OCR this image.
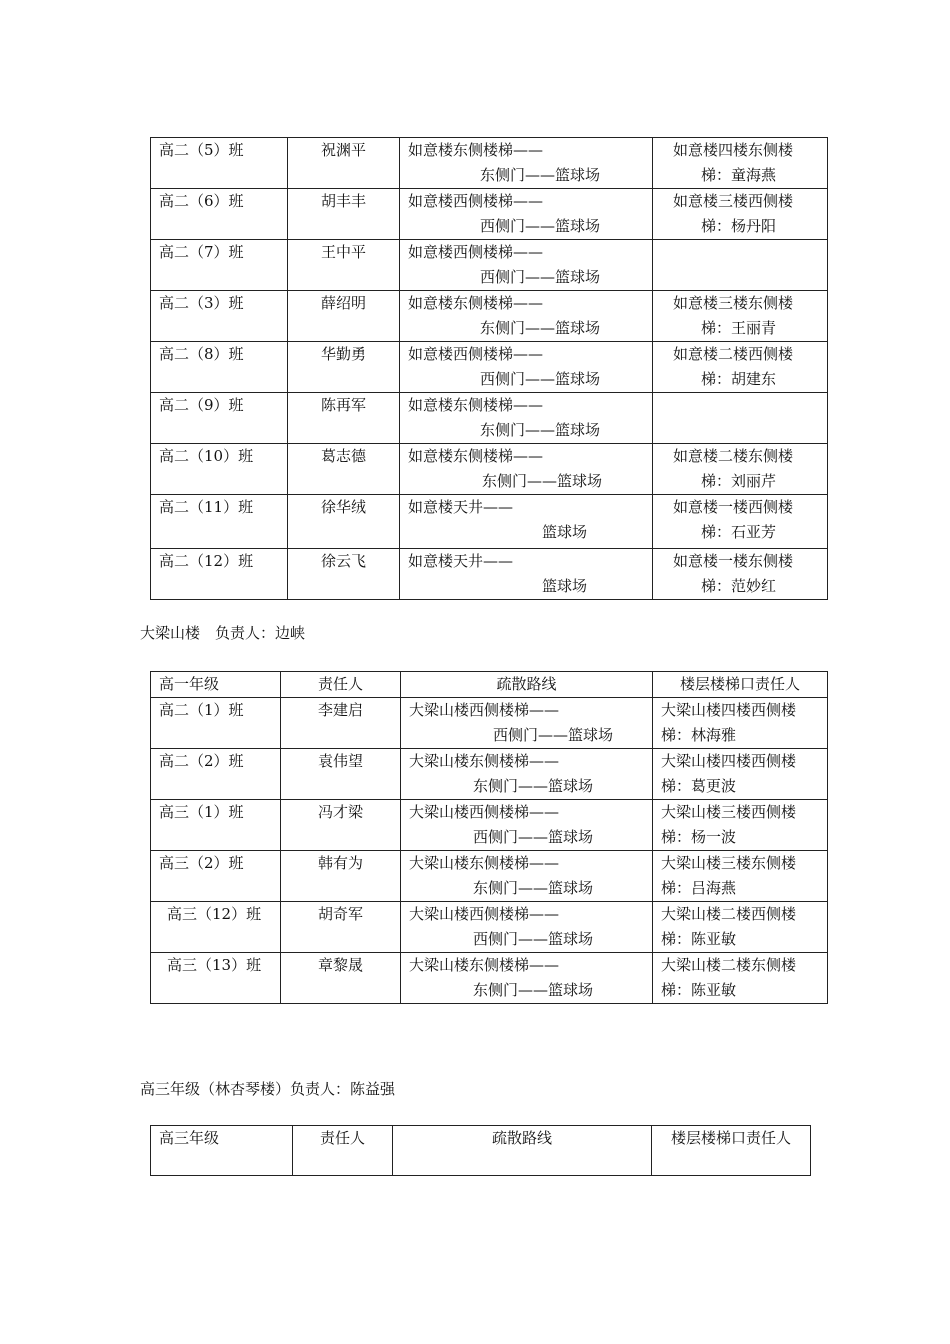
高二（5）班	祝渊平	如意楼东侧楼梯——
东侧门——篮球场	如意楼四楼东侧楼
梯：童海燕

高二（6）班	胡丰丰	如意楼西侧楼梯——
西侧门——篮球场	如意楼三楼西侧楼
梯：杨丹阳

高二（7）班	王中平	如意楼西侧楼梯——
西侧门——篮球场	

高二（3）班	薛绍明	如意楼东侧楼梯——
东侧门——篮球场	如意楼三楼东侧楼
梯：王丽青

高二（8）班	华勤勇	如意楼西侧楼梯——
西侧门——篮球场	如意楼二楼西侧楼
梯：胡建东

高二（9）班	陈再军	如意楼东侧楼梯——
东侧门——篮球场	

高二（10）班	葛志德	如意楼东侧楼梯——
东侧门——篮球场	如意楼二楼东侧楼
梯：刘丽芹

高二（11）班	徐华绒	如意楼天井——
篮球场	如意楼一楼西侧楼
梯：石亚芳

高二（12）班	徐云飞	如意楼天井——
篮球场	如意楼一楼东侧楼
梯：范妙红
大梁山楼　负责人：边峡
高一年级	责任人	疏散路线	楼层楼梯口责任人
高二（1）班	李建启	大梁山楼西侧楼梯——
西侧门——篮球场	大梁山楼四楼西侧楼
梯：林海雅

高二（2）班	袁伟望	大梁山楼东侧楼梯——
东侧门——篮球场	大梁山楼四楼西侧楼
梯：葛更波

高三（1）班	冯才梁	大梁山楼西侧楼梯——
西侧门——篮球场	大梁山楼三楼西侧楼
梯：杨一波

高三（2）班	韩有为	大梁山楼东侧楼梯——
东侧门——篮球场	大梁山楼三楼东侧楼
梯：吕海燕

高三（12）班	胡奇军	大梁山楼西侧楼梯——
西侧门——篮球场	大梁山楼二楼西侧楼
梯：陈亚敏

高三（13）班	章黎晟	大梁山楼东侧楼梯——
东侧门——篮球场	大梁山楼二楼东侧楼
梯：陈亚敏
高三年级（林杏琴楼）负责人：陈益强
高三年级	责任人	疏散路线	楼层楼梯口责任人
